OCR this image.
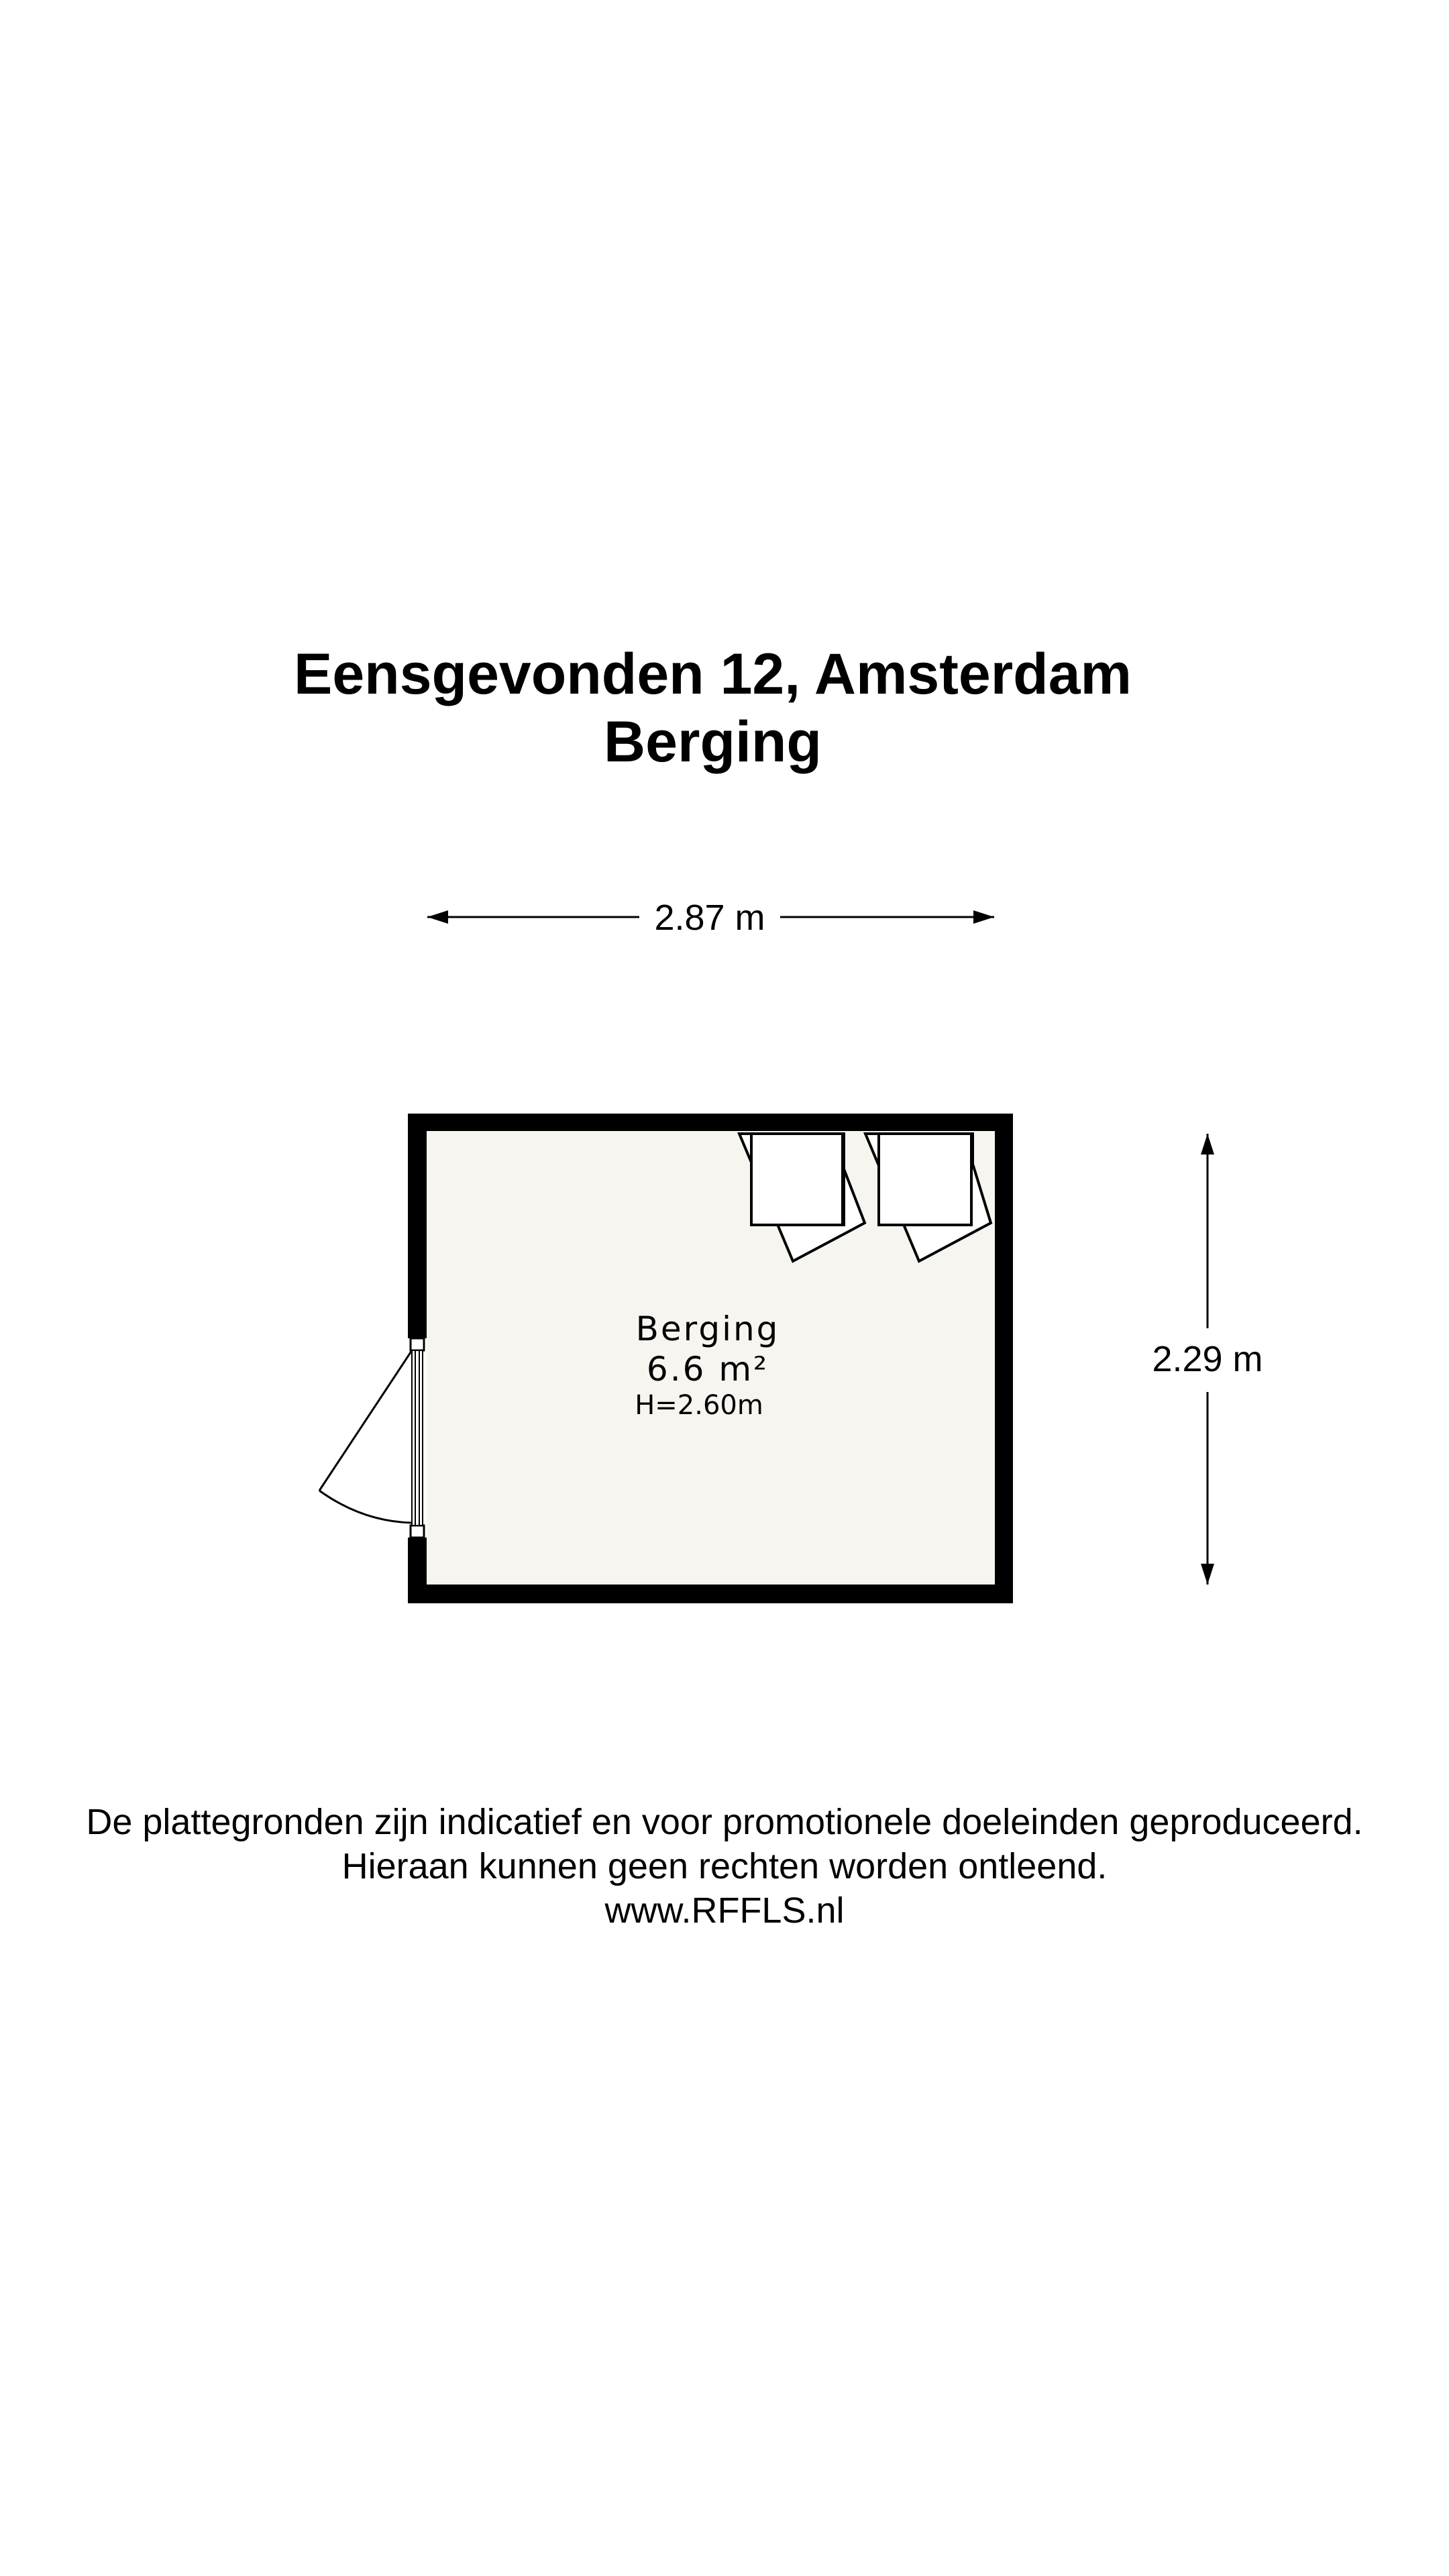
Eensgevonden 12, Amsterdam
Berging
2.87 m
2.29 m
Berging
6.6 m²
H=2.60m

De plattegronden zijn indicatief en voor promotionele doeleinden geproduceerd.

Hieraan kunnen geen rechten worden ontleend.

www.RFFLS.nl
